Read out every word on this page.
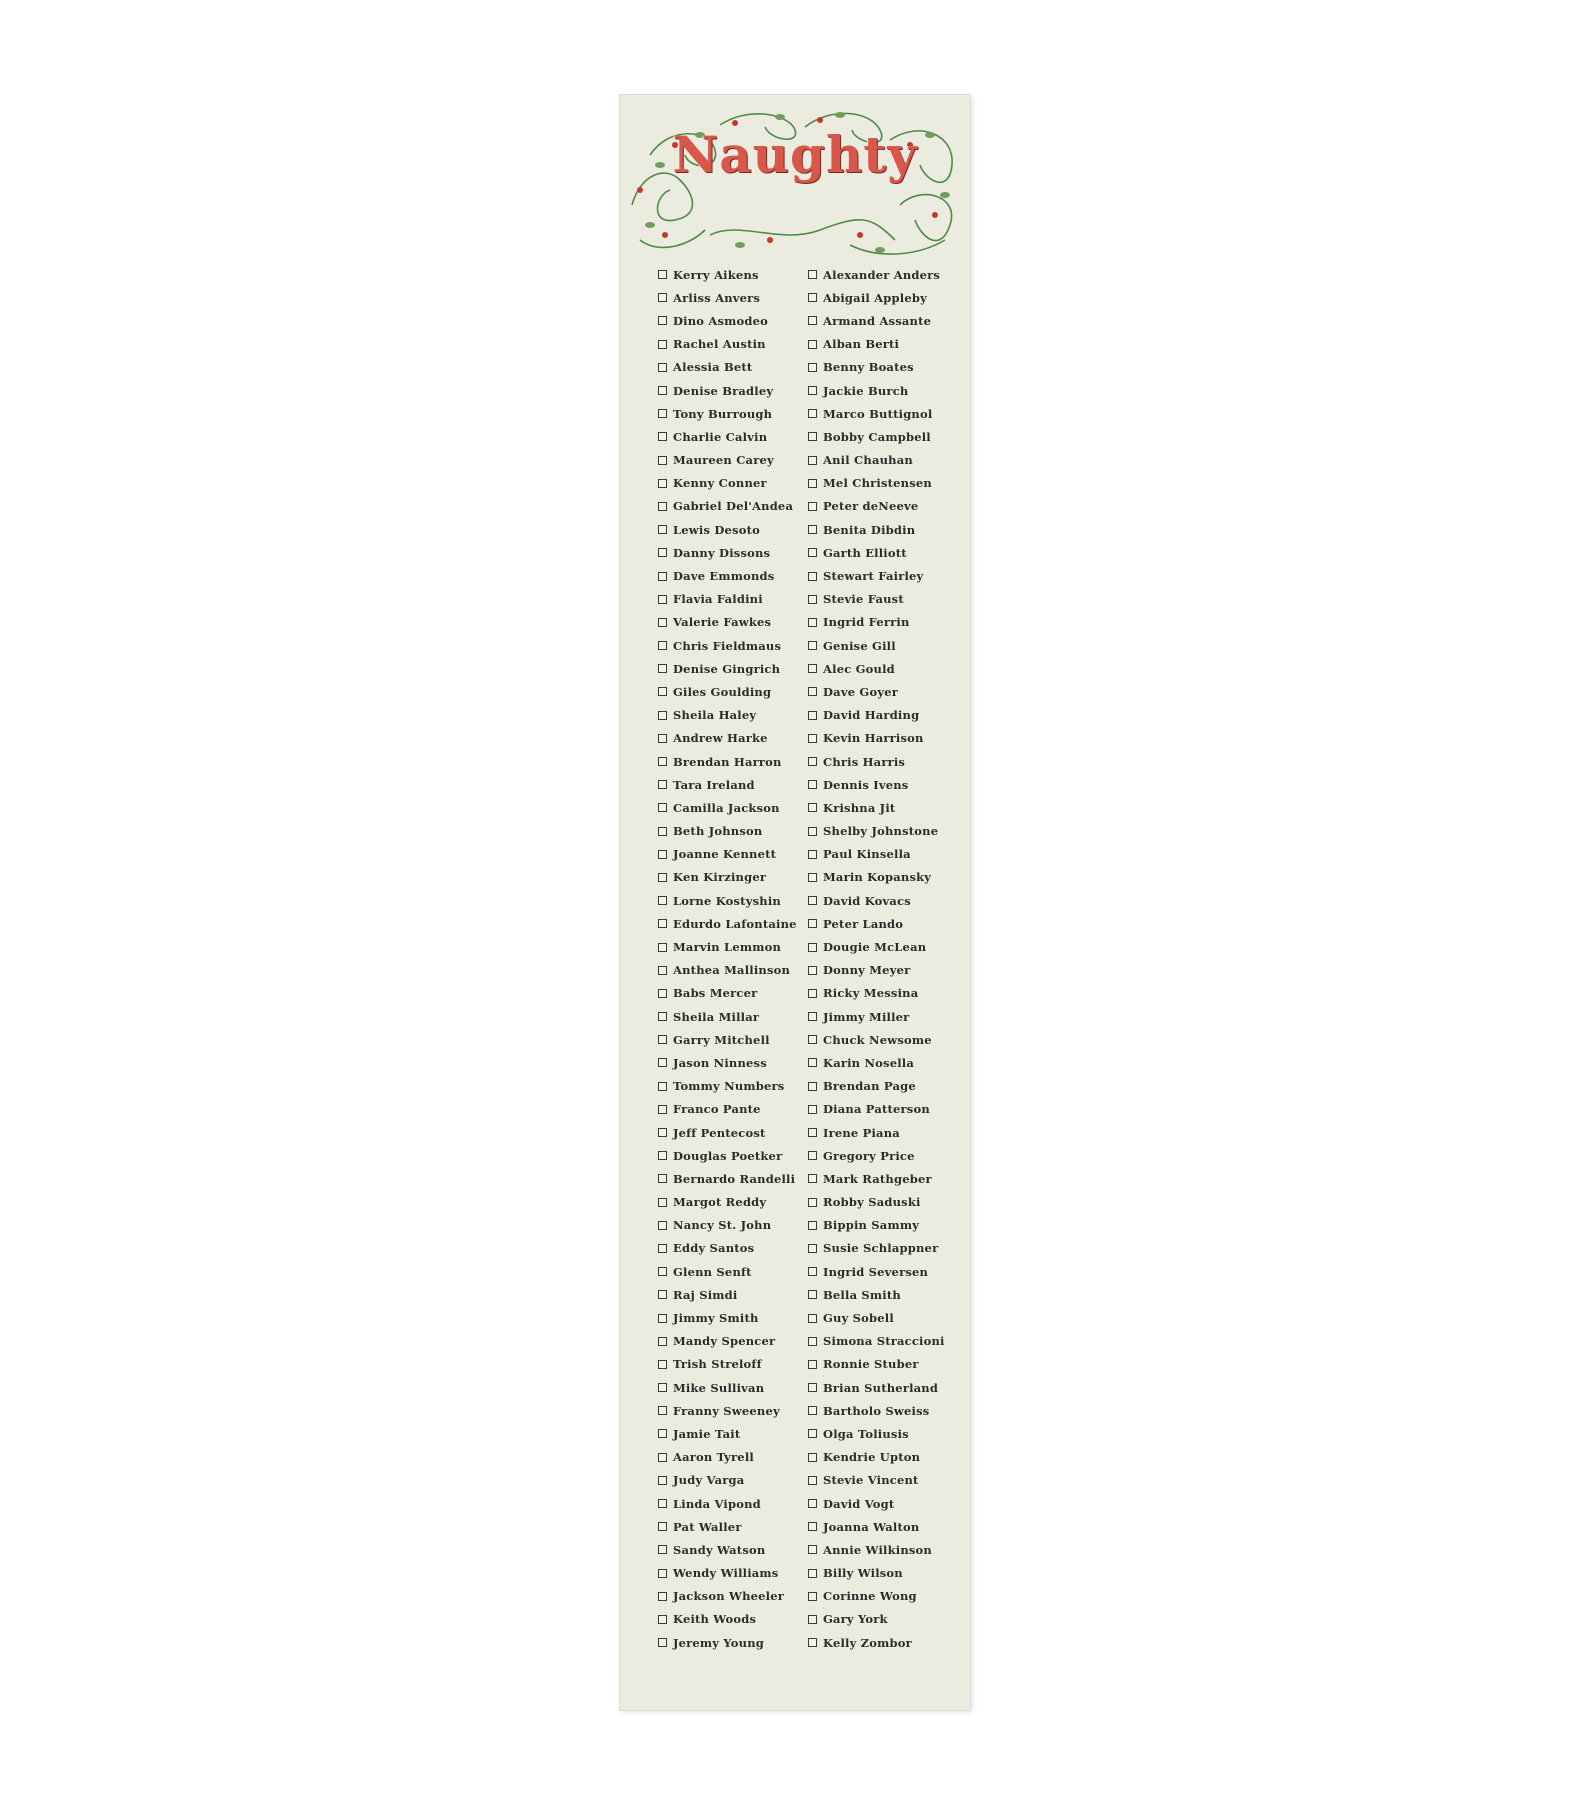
Naughty
Kerry Aikens
Arliss Anvers
Dino Asmodeo
Rachel Austin
Alessia Bett
Denise Bradley
Tony Burrough
Charlie Calvin
Maureen Carey
Kenny Conner
Gabriel Del'Andea
Lewis Desoto
Danny Dissons
Dave Emmonds
Flavia Faldini
Valerie Fawkes
Chris Fieldmaus
Denise Gingrich
Giles Goulding
Sheila Haley
Andrew Harke
Brendan Harron
Tara Ireland
Camilla Jackson
Beth Johnson
Joanne Kennett
Ken Kirzinger
Lorne Kostyshin
Edurdo Lafontaine
Marvin Lemmon
Anthea Mallinson
Babs Mercer
Sheila Millar
Garry Mitchell
Jason Ninness
Tommy Numbers
Franco Pante
Jeff Pentecost
Douglas Poetker
Bernardo Randelli
Margot Reddy
Nancy St. John
Eddy Santos
Glenn Senft
Raj Simdi
Jimmy Smith
Mandy Spencer
Trish Streloff
Mike Sullivan
Franny Sweeney
Jamie Tait
Aaron Tyrell
Judy Varga
Linda Vipond
Pat Waller
Sandy Watson
Wendy Williams
Jackson Wheeler
Keith Woods
Jeremy Young
Alexander Anders
Abigail Appleby
Armand Assante
Alban Berti
Benny Boates
Jackie Burch
Marco Buttignol
Bobby Campbell
Anil Chauhan
Mel Christensen
Peter deNeeve
Benita Dibdin
Garth Elliott
Stewart Fairley
Stevie Faust
Ingrid Ferrin
Genise Gill
Alec Gould
Dave Goyer
David Harding
Kevin Harrison
Chris Harris
Dennis Ivens
Krishna Jit
Shelby Johnstone
Paul Kinsella
Marin Kopansky
David Kovacs
Peter Lando
Dougie McLean
Donny Meyer
Ricky Messina
Jimmy Miller
Chuck Newsome
Karin Nosella
Brendan Page
Diana Patterson
Irene Piana
Gregory Price
Mark Rathgeber
Robby Saduski
Bippin Sammy
Susie Schlappner
Ingrid Seversen
Bella Smith
Guy Sobell
Simona Straccioni
Ronnie Stuber
Brian Sutherland
Bartholo Sweiss
Olga Toliusis
Kendrie Upton
Stevie Vincent
David Vogt
Joanna Walton
Annie Wilkinson
Billy Wilson
Corinne Wong
Gary York
Kelly Zombor
